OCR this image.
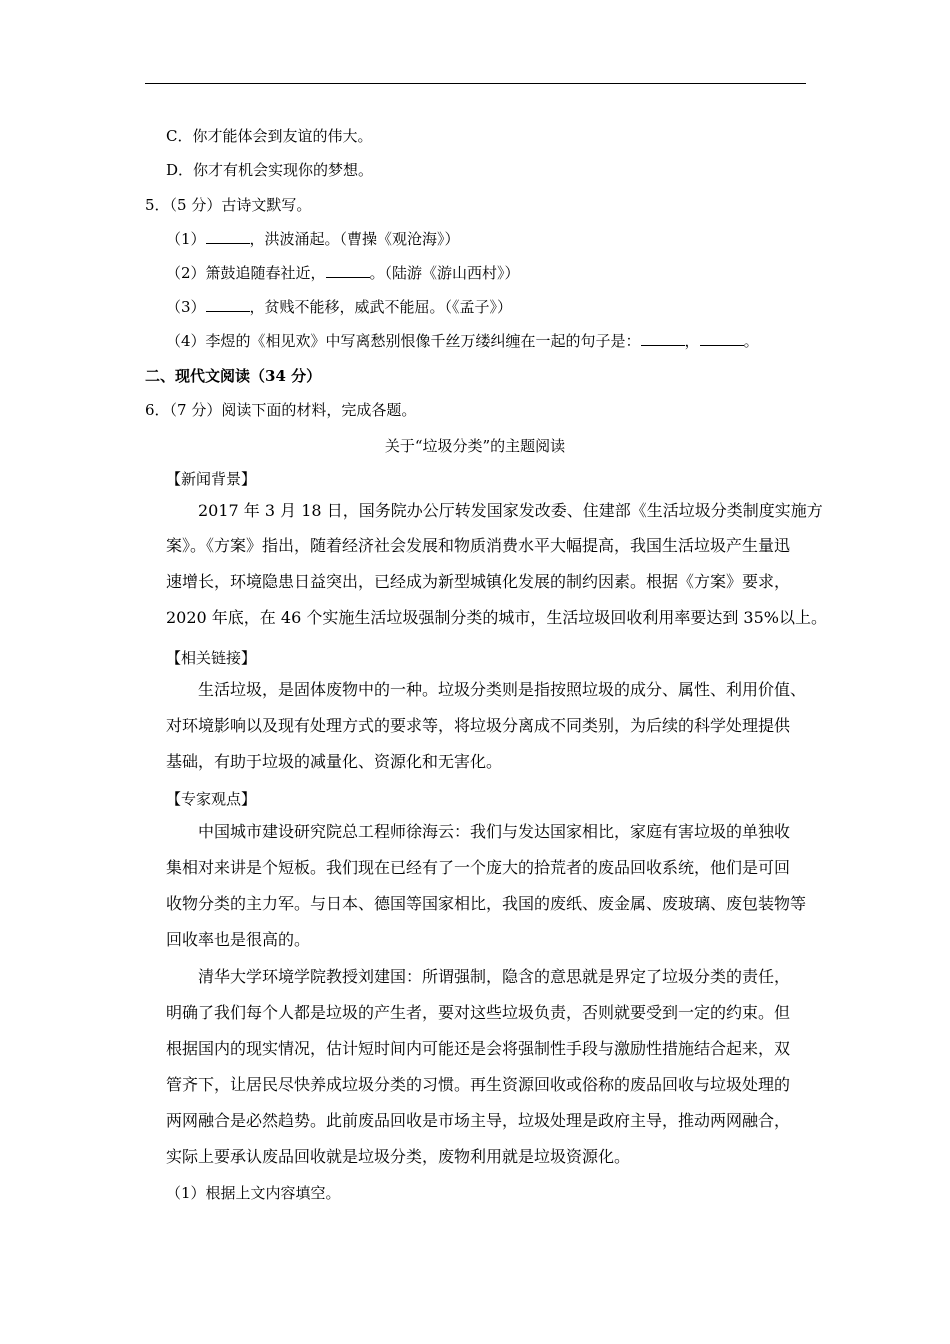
C．你才能体会到友谊的伟大。
D．你才有机会实现你的梦想。
5．（5 分）古诗文默写。
（1）	，洪波涌起。（曹操《观沧海》）
（2）箫鼓追随春社近，	。（陆游《游山西村》）
（3）	，贫贱不能移，威武不能屈。（《孟子》）
（4）李煜的《相见欢》中写离愁别恨像千丝万缕纠缠在一起的句子是：	，	。
二、现代文阅读（34 分）
6．（7 分）阅读下面的材料，完成各题。
关于“垃圾分类”的主题阅读
【新闻背景】
2017 年 3 月 18 日，国务院办公厅转发国家发改委、住建部《生活垃圾分类制度实施方
案》。《方案》指出，随着经济社会发展和物质消费水平大幅提高，我国生活垃圾产生量迅
速增长，环境隐患日益突出，已经成为新型城镇化发展的制约因素。根据《方案》要求，
2020 年底，在 46 个实施生活垃圾强制分类的城市，生活垃圾回收利用率要达到 35%以上。
【相关链接】
生活垃圾，是固体废物中的一种。垃圾分类则是指按照垃圾的成分、属性、利用价值、
对环境影响以及现有处理方式的要求等，将垃圾分离成不同类别，为后续的科学处理提供
基础，有助于垃圾的减量化、资源化和无害化。
【专家观点】
中国城市建设研究院总工程师徐海云：我们与发达国家相比，家庭有害垃圾的单独收
集相对来讲是个短板。我们现在已经有了一个庞大的拾荒者的废品回收系统，他们是可回
收物分类的主力军。与日本、德国等国家相比，我国的废纸、废金属、废玻璃、废包装物等
回收率也是很高的。
清华大学环境学院教授刘建国：所谓强制，隐含的意思就是界定了垃圾分类的责任，
明确了我们每个人都是垃圾的产生者，要对这些垃圾负责，否则就要受到一定的约束。但
根据国内的现实情况，估计短时间内可能还是会将强制性手段与激励性措施结合起来，双
管齐下，让居民尽快养成垃圾分类的习惯。再生资源回收或俗称的废品回收与垃圾处理的
两网融合是必然趋势。此前废品回收是市场主导，垃圾处理是政府主导，推动两网融合，
实际上要承认废品回收就是垃圾分类，废物利用就是垃圾资源化。
（1）根据上文内容填空。
